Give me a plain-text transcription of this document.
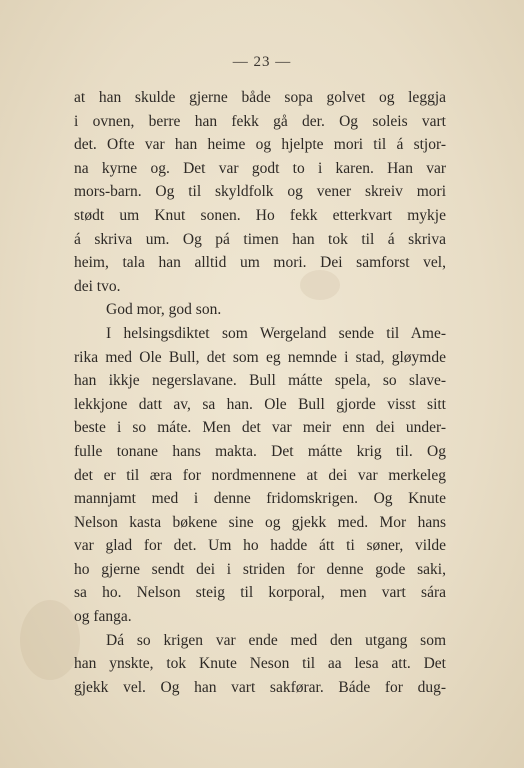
— 23 —
at han skulde gjerne både sopa golvet og leggja
i ovnen, berre han fekk gå der. Og soleis vart
det. Ofte var han heime og hjelpte mori til á stjor-
na kyrne og. Det var godt to i karen. Han var
mors-barn. Og til skyldfolk og vener skreiv mori
stødt um Knut sonen. Ho fekk etterkvart mykje
á skriva um. Og pá timen han tok til á skriva
heim, tala han alltid um mori. Dei samforst vel,
dei tvo.
God mor, god son.
I helsingsdiktet som Wergeland sende til Ame-
rika med Ole Bull, det som eg nemnde i stad, gløymde
han ikkje negerslavane. Bull mátte spela, so slave-
lekkjone datt av, sa han. Ole Bull gjorde visst sitt
beste i so máte. Men det var meir enn dei under-
fulle tonane hans makta. Det mátte krig til. Og
det er til æra for nordmennene at dei var merkeleg
mannjamt med i denne fridomskrigen. Og Knute
Nelson kasta bøkene sine og gjekk med. Mor hans
var glad for det. Um ho hadde átt ti søner, vilde
ho gjerne sendt dei i striden for denne gode saki,
sa ho. Nelson steig til korporal, men vart sára
og fanga.
Dá so krigen var ende med den utgang som
han ynskte, tok Knute Neson til aa lesa att. Det
gjekk vel. Og han vart sakførar. Báde for dug-
